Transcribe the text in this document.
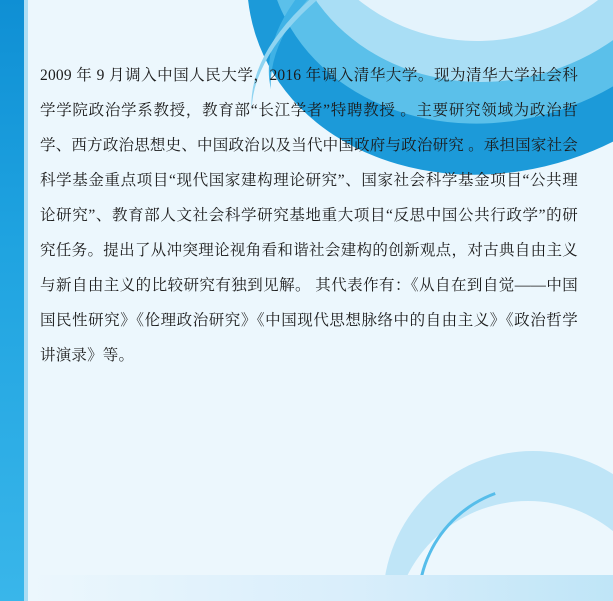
2009 年 9 月调入中国人民大学，2016 年调入清华大学。现为清华大学社会科学学院政治学系教授，教育部“长江学者”特聘教授 。主要研究领域为政治哲学、西方政治思想史、中国政治以及当代中国政府与政治研究 。承担国家社会科学基金重点项目“现代国家建构理论研究”、国家社会科学基金项目“公共理论研究”、教育部人文社会科学研究基地重大项目“反思中国公共行政学”的研究任务。提出了从冲突理论视角看和谐社会建构的创新观点，对古典自由主义与新自由主义的比较研究有独到见解。 其代表作有：《从自在到自觉——中国国民性研究》《伦理政治研究》《中国现代思想脉络中的自由主义》《政治哲学讲演录》等。
